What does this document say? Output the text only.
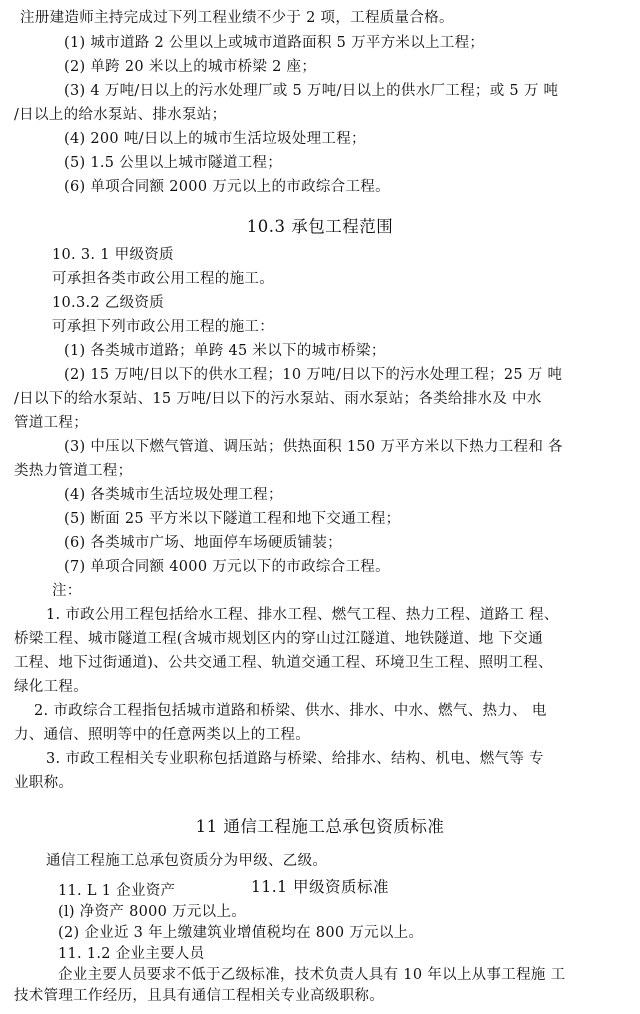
注册建造师主持完成过下列工程业绩不少于 2 项，工程质量合格。
(1) 城市道路 2 公里以上或城市道路面积 5 万平方米以上工程；
(2) 单跨 20 米以上的城市桥梁 2 座；
(3) 4 万吨/日以上的污水处理厂或 5 万吨/日以上的供水厂工程；或 5 万 吨
/日以上的给水泵站、排水泵站；
(4) 200 吨/日以上的城市生活垃圾处理工程；
(5) 1.5 公里以上城市隧道工程；
(6) 单项合同额 2000 万元以上的市政综合工程。
10.3 承包工程范围
10. 3. 1 甲级资质
可承担各类市政公用工程的施工。
10.3.2 乙级资质
可承担下列市政公用工程的施工：
(1) 各类城市道路；单跨 45 米以下的城市桥梁；
(2) 15 万吨/日以下的供水工程；10 万吨/日以下的污水处理工程；25 万 吨
/日以下的给水泵站、15 万吨/日以下的污水泵站、雨水泵站；各类给排水及 中水
管道工程；
(3) 中压以下燃气管道、调压站；供热面积 150 万平方米以下热力工程和 各
类热力管道工程；
(4) 各类城市生活垃圾处理工程；
(5) 断面 25 平方米以下隧道工程和地下交通工程；
(6) 各类城市广场、地面停车场硬质铺装；
(7) 单项合同额 4000 万元以下的市政综合工程。
注：
1. 市政公用工程包括给水工程、排水工程、燃气工程、热力工程、道路工 程、
桥梁工程、城市隧道工程(含城市规划区内的穿山过江隧道、地铁隧道、地 下交通
工程、地下过街通道)、公共交通工程、轨道交通工程、环境卫生工程、照明工程、
绿化工程。
2. 市政综合工程指包括城市道路和桥梁、供水、排水、中水、燃气、热力、 电
力、通信、照明等中的任意两类以上的工程。
3. 市政工程相关专业职称包括道路与桥梁、给排水、结构、机电、燃气等 专
业职称。
11 通信工程施工总承包资质标准
通信工程施工总承包资质分为甲级、乙级。
11.1 甲级资质标准
11. L 1 企业资产
(l) 净资产 8000 万元以上。
(2) 企业近 3 年上缴建筑业增值税均在 800 万元以上。
11. 1.2 企业主要人员
企业主要人员要求不低于乙级标准，技术负责人具有 10 年以上从事工程施 工
技术管理工作经历，且具有通信工程相关专业高级职称。
